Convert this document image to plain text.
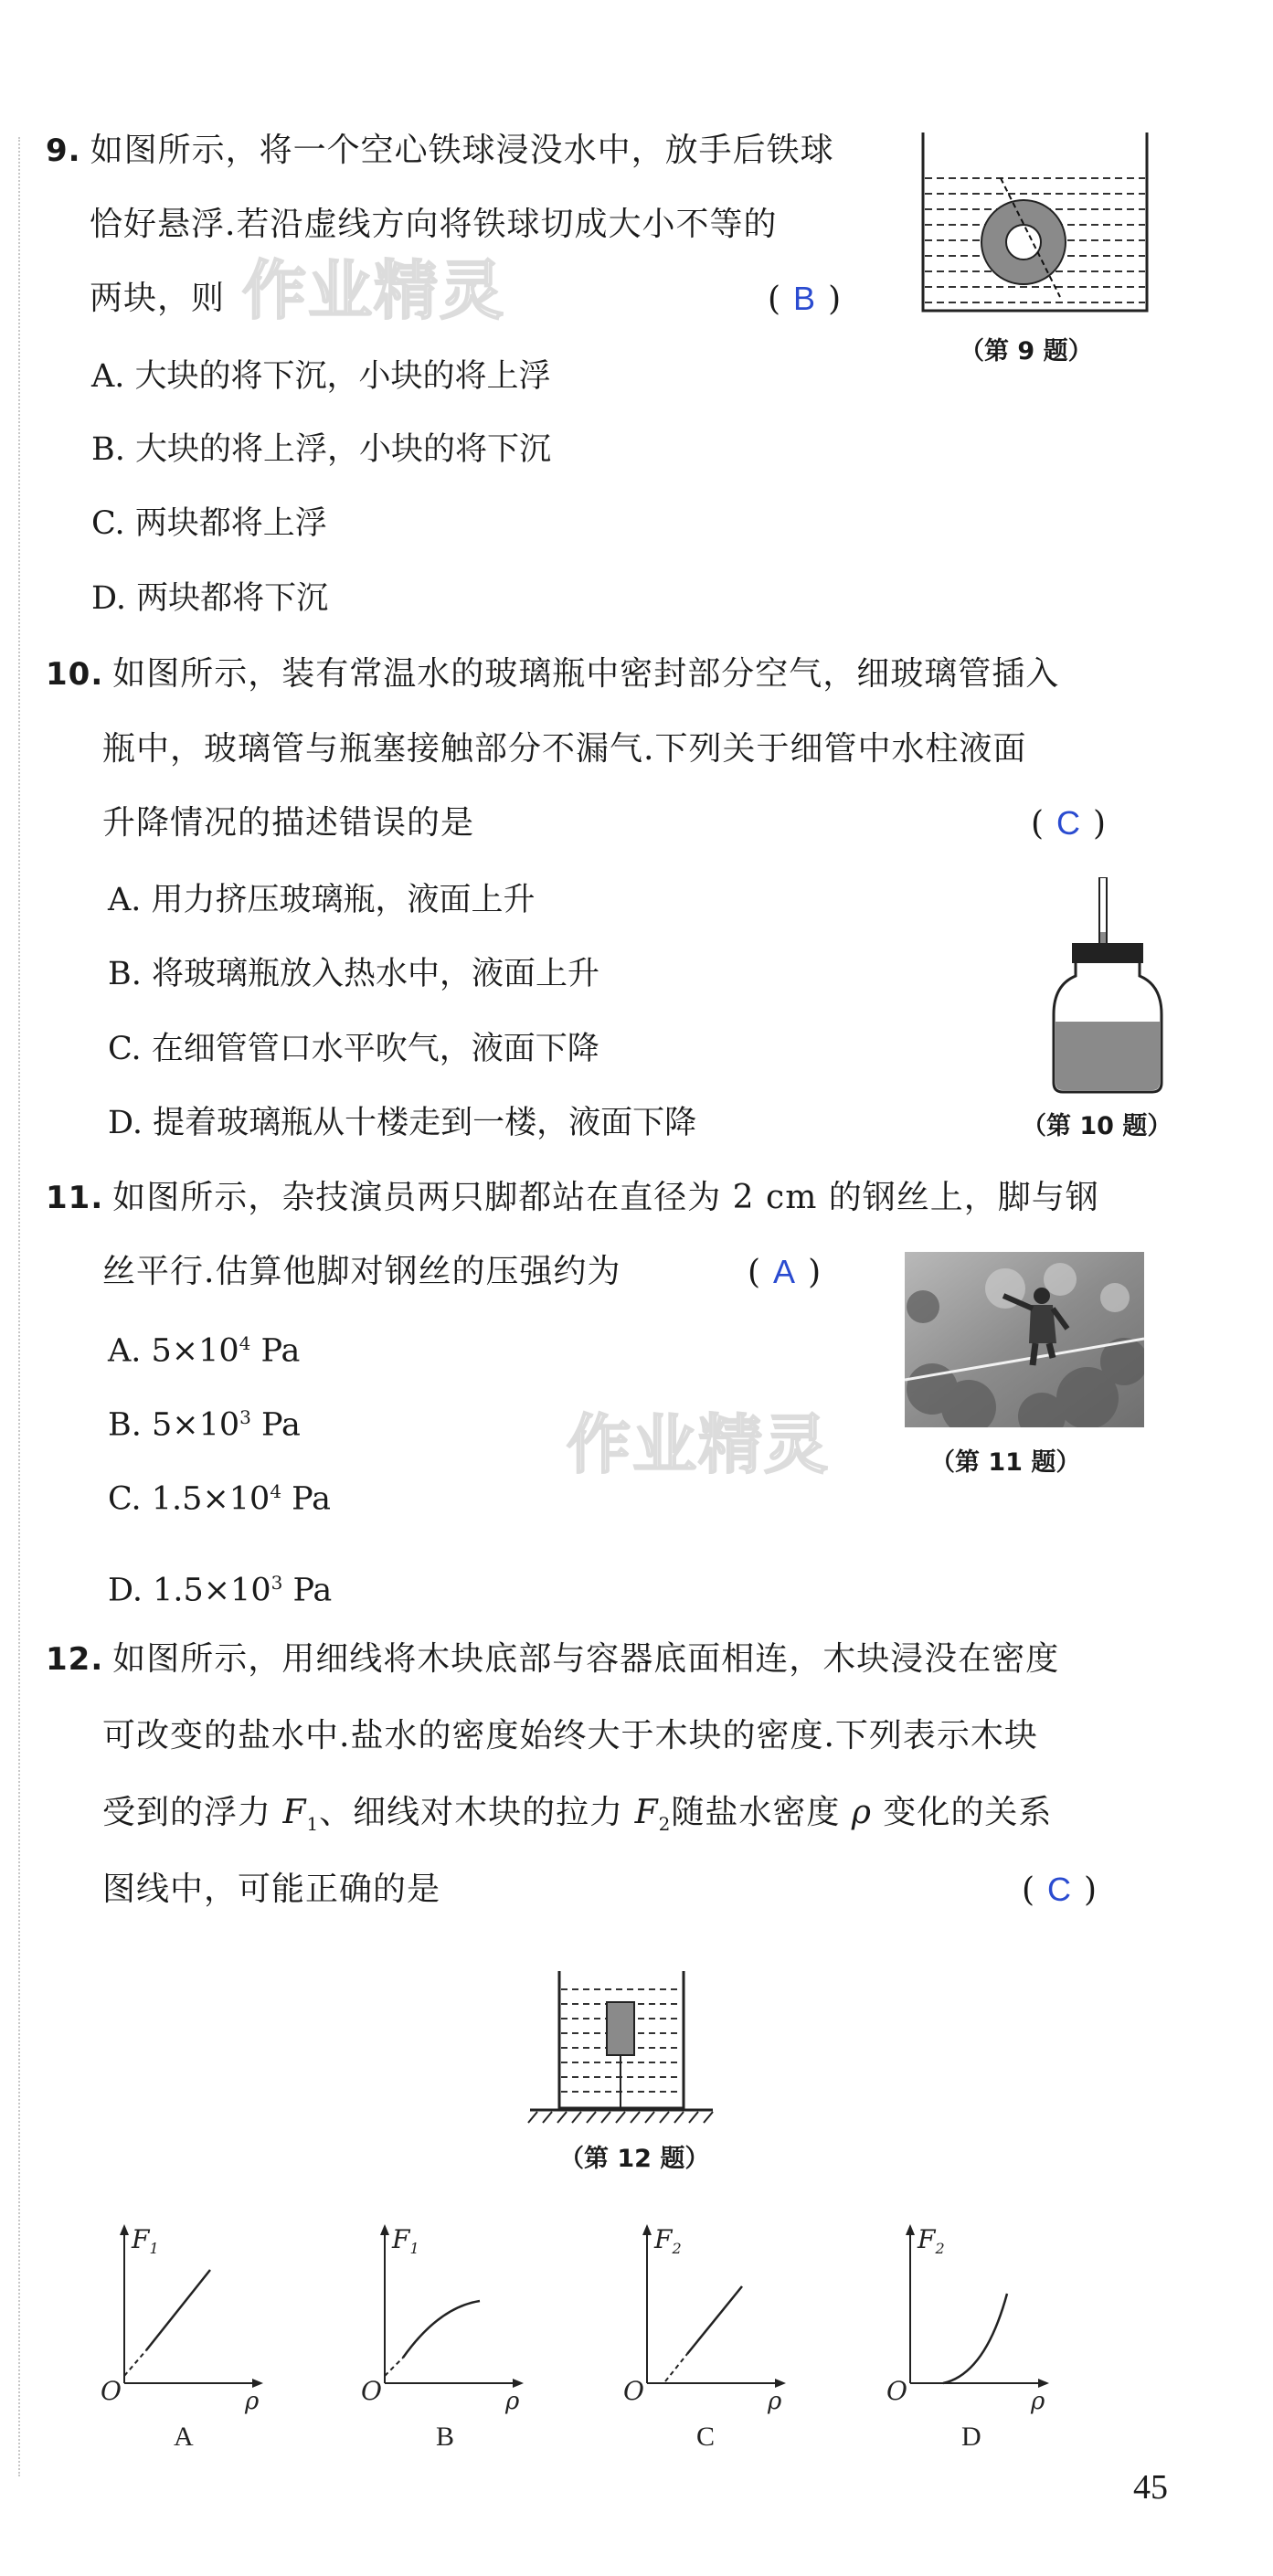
作业精灵
作业精灵
9. 如图所示，将一个空心铁球浸没水中，放手后铁球
恰好悬浮.若沿虚线方向将铁球切成大小不等的
两块，则	( B )
A. 大块的将下沉，小块的将上浮
B. 大块的将上浮，小块的将下沉
C. 两块都将上浮
D. 两块都将下沉
（第 9 题）
10. 如图所示，装有常温水的玻璃瓶中密封部分空气，细玻璃管插入
瓶中，玻璃管与瓶塞接触部分不漏气.下列关于细管中水柱液面
升降情况的描述错误的是	( C )
A. 用力挤压玻璃瓶，液面上升
B. 将玻璃瓶放入热水中，液面上升
C. 在细管管口水平吹气，液面下降
D. 提着玻璃瓶从十楼走到一楼，液面下降	（第 10 题）
11. 如图所示，杂技演员两只脚都站在直径为 2 cm 的钢丝上，脚与钢
丝平行.估算他脚对钢丝的压强约为	( A )
A. $5\times 10^4$ Pa
B. $5\times 10^3$ Pa
C. $1.5\times 10^4$ Pa
D. $1.5\times 10^3$ Pa
（第 11 题）
12. 如图所示，用细线将木块底部与容器底面相连，木块浸没在密度
可改变的盐水中.盐水的密度始终大于木块的密度.下列表示木块
受到的浮力 $F_1$、细线对木块的拉力 $F_2$随盐水密度 ρ 变化的关系
图线中，可能正确的是	( C )
（第 12 题）
$F_1$
O	ρ
A
$F_1$
O	ρ
B
$F_2$
O	ρ
C
$F_2$
O	ρ
D
45
